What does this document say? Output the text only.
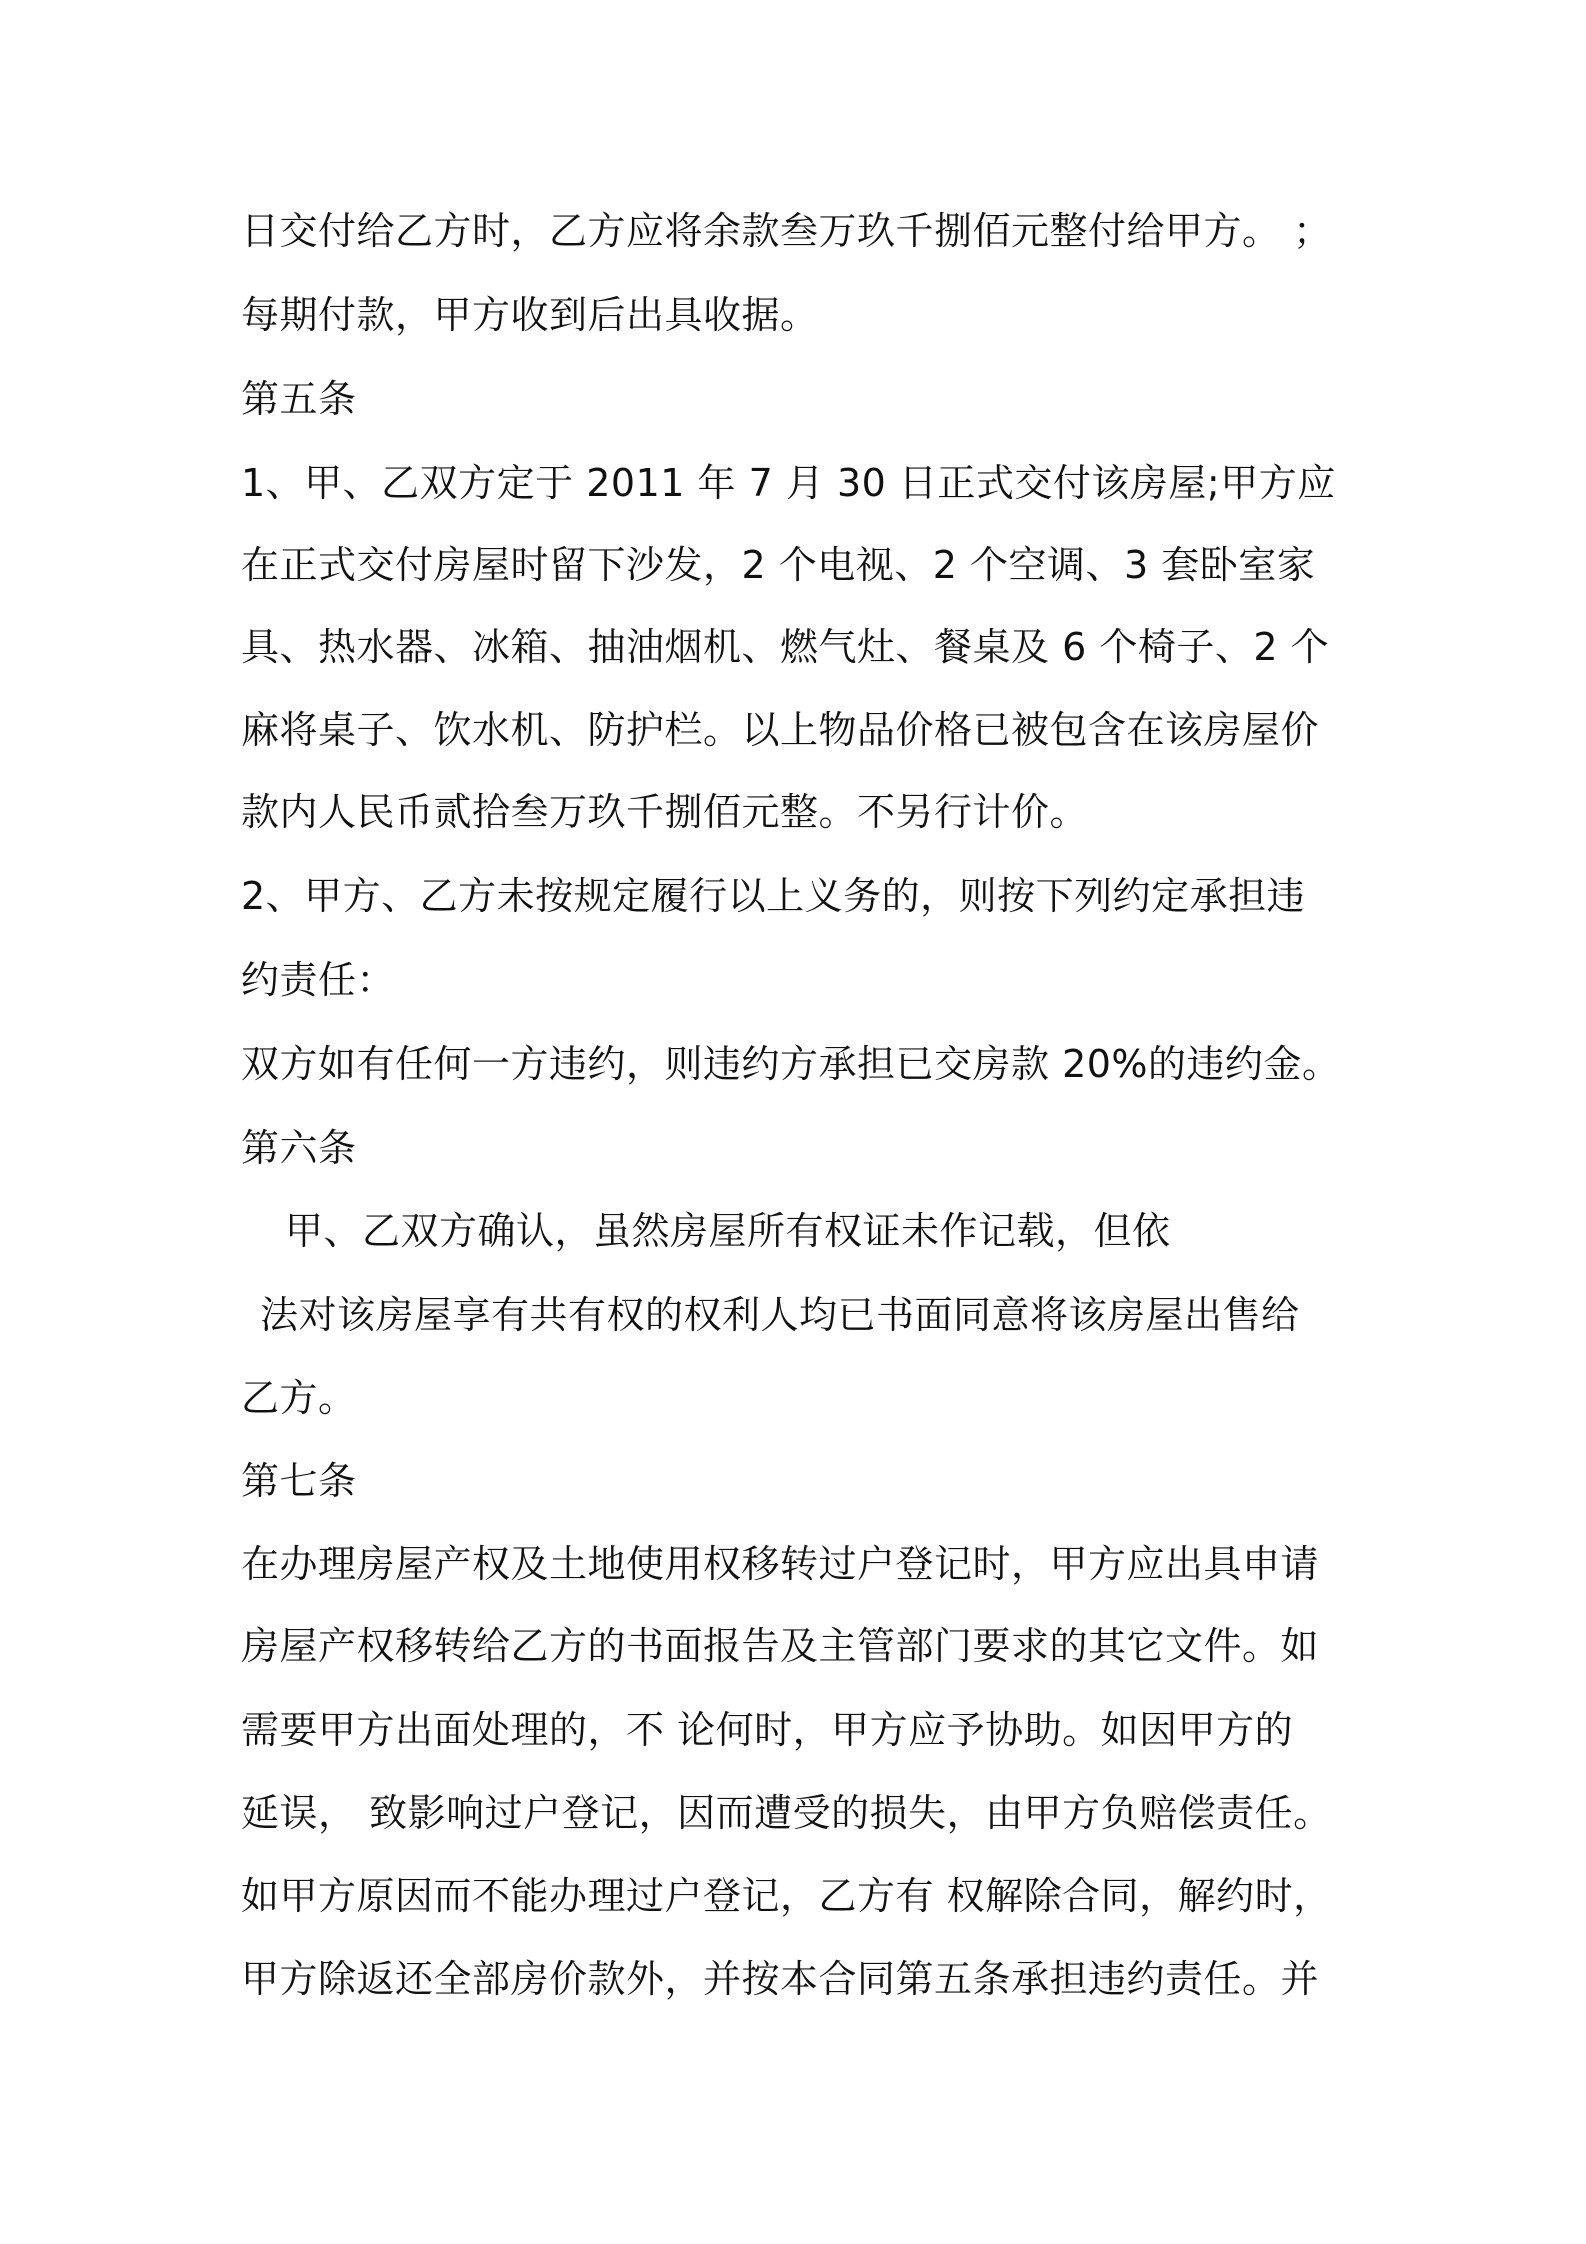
日交付给乙方时，乙方应将余款叁万玖千捌佰元整付给甲方。 ；
每期付款，甲方收到后出具收据。
第五条
1、甲、乙双方定于 2011 年 7 月 30 日正式交付该房屋;甲方应
在正式交付房屋时留下沙发，2 个电视、2 个空调、3 套卧室家
具、热水器、冰箱、抽油烟机、燃气灶、餐桌及 6 个椅子、2 个
麻将桌子、饮水机、防护栏。以上物品价格已被包含在该房屋价
款内人民币贰拾叁万玖千捌佰元整。不另行计价。
2、甲方、乙方未按规定履行以上义务的，则按下列约定承担违
约责任：
双方如有任何一方违约，则违约方承担已交房款 20%的违约金。
第六条
甲、乙双方确认，虽然房屋所有权证未作记载，但依
法对该房屋享有共有权的权利人均已书面同意将该房屋出售给
乙方。
第七条
在办理房屋产权及土地使用权移转过户登记时，甲方应出具申请
房屋产权移转给乙方的书面报告及主管部门要求的其它文件。如
需要甲方出面处理的，不 论何时，甲方应予协助。如因甲方的
延误， 致影响过户登记，因而遭受的损失，由甲方负赔偿责任。
如甲方原因而不能办理过户登记，乙方有 权解除合同，解约时，
甲方除返还全部房价款外，并按本合同第五条承担违约责任。并
